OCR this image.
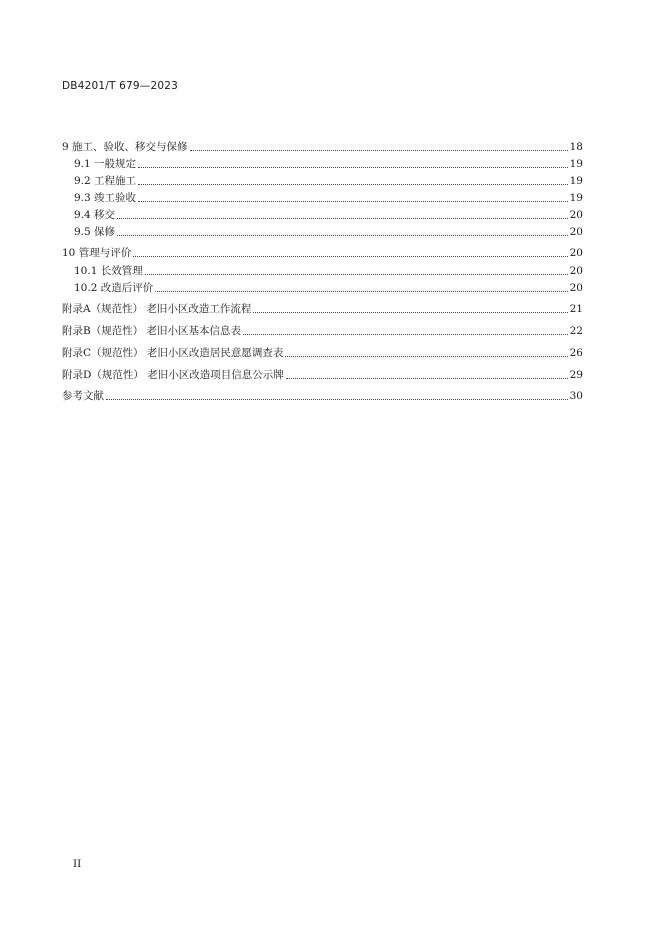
DB4201/T 679—2023
9 施工、验收、移交与保修	18
9.1 一般规定	19
9.2 工程施工	19
9.3 竣工验收	19
9.4 移交	20
9.5 保修	20
10 管理与评价	20
10.1 长效管理	20
10.2 改造后评价	20
附录A（规范性） 老旧小区改造工作流程	21
附录B（规范性） 老旧小区基本信息表	22
附录C（规范性） 老旧小区改造居民意愿调查表	26
附录D（规范性） 老旧小区改造项目信息公示牌	29
参考文献	30
II
